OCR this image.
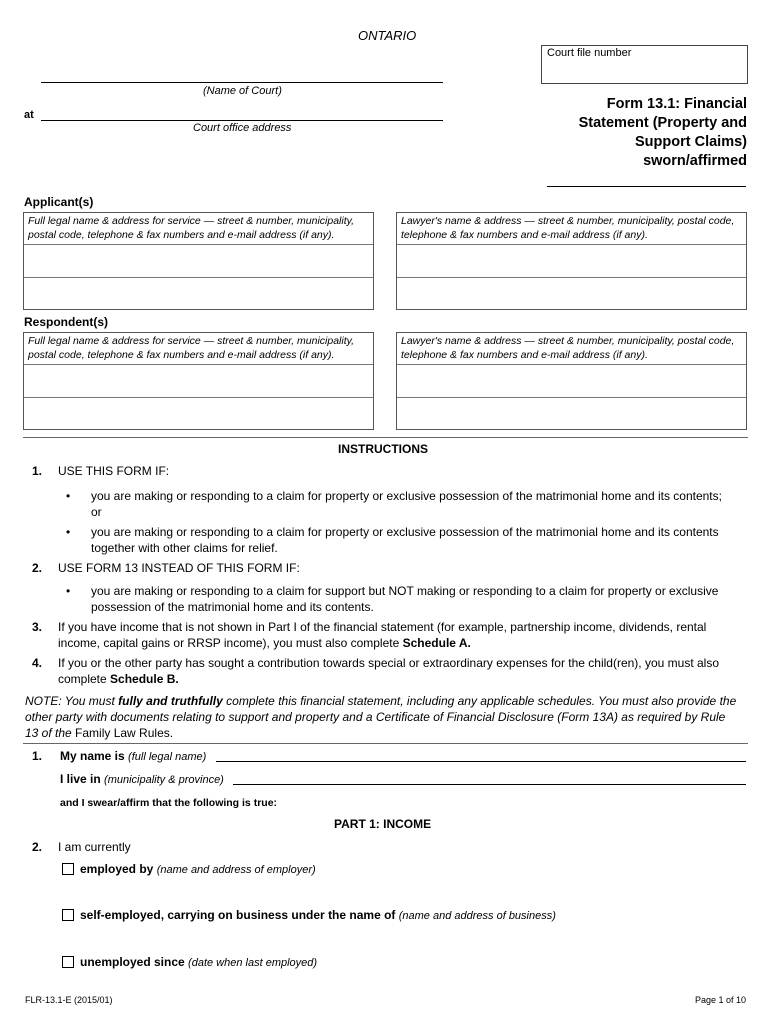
ONTARIO
Court file number
(Name of Court)
at
Court office address
Form 13.1: Financial
Statement (Property and
Support Claims)
sworn/affirmed
Applicant(s)
Full legal name & address for service — street & number, municipality, postal code, telephone & fax numbers and e-mail address (if any).
Lawyer's name & address — street & number, municipality, postal code, telephone & fax numbers and e-mail address (if any).
Respondent(s)
Full legal name & address for service — street & number, municipality, postal code, telephone & fax numbers and e-mail address (if any).
Lawyer's name & address — street & number, municipality, postal code, telephone & fax numbers and e-mail address (if any).
INSTRUCTIONS
1. USE THIS FORM IF:
• you are making or responding to a claim for property or exclusive possession of the matrimonial home and its contents; or
• you are making or responding to a claim for property or exclusive possession of the matrimonial home and its contents together with other claims for relief.
2. USE FORM 13 INSTEAD OF THIS FORM IF:
• you are making or responding to a claim for support but NOT making or responding to a claim for property or exclusive possession of the matrimonial home and its contents.
3. If you have income that is not shown in Part I of the financial statement (for example, partnership income, dividends, rental income, capital gains or RRSP income), you must also complete Schedule A.
4. If you or the other party has sought a contribution towards special or extraordinary expenses for the child(ren), you must also complete Schedule B.
NOTE: You must fully and truthfully complete this financial statement, including any applicable schedules. You must also provide the other party with documents relating to support and property and a Certificate of Financial Disclosure (Form 13A) as required by Rule 13 of the Family Law Rules.
1. My name is (full legal name)
I live in (municipality & province)
and I swear/affirm that the following is true:
PART 1: INCOME
2. I am currently
employed by (name and address of employer)
self-employed, carrying on business under the name of (name and address of business)
unemployed since (date when last employed)
FLR-13.1-E (2015/01)	Page 1 of 10
